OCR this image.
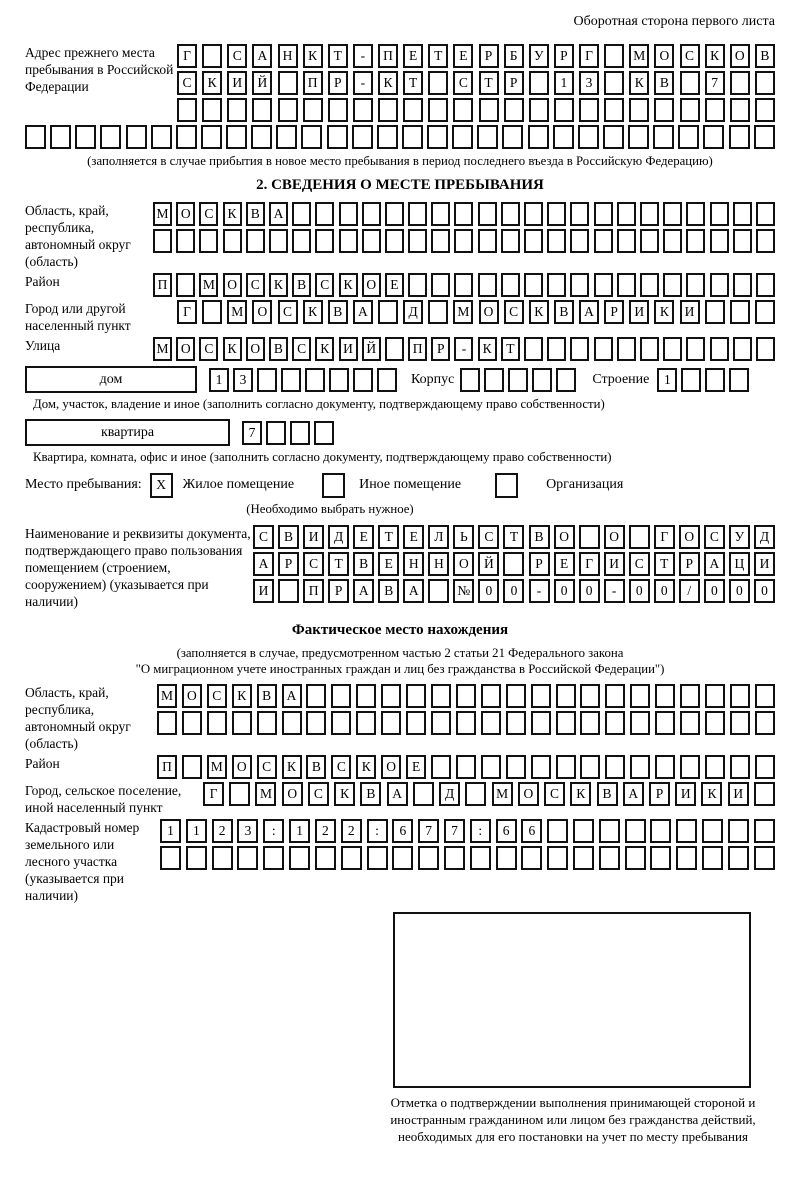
Оборотная сторона первого листа
Адрес прежнего места пребывания в Российской Федерации
Г	С	А	Н	К	Т	-	П	Е	Т	Е	Р	Б	У	Р	Г	М	О	С	К	О	В
С	К	И	Й	П	Р	-	К	Т	С	Т	Р	1	3	К	В	7
(заполняется в случае прибытия в новое место пребывания в период последнего въезда в Российскую Федерацию)
2. СВЕДЕНИЯ О МЕСТЕ ПРЕБЫВАНИЯ
Область, край, республика, автономный округ (область)
М О	С	К	В	А
Район	П	М О	С	К	В	С	К	О	Е
Город или другой населенный пункт
Г	М	О	С	К	В	А	Д	М	О	С	К	В	А	Р	И	К	И
Улица	М О	С	К	О	В	С	К	И Й	П	Р	-	К	Т
дом	1	3	Корпус	Строение	1
Дом, участок, владение и иное (заполнить согласно документу, подтверждающему право собственности)
квартира	7
Квартира, комната, офис и иное (заполнить согласно документу, подтверждающему право собственности)
Место пребывания:	X	Жилое помещение	Иное помещение	Организация
(Необходимо выбрать нужное)
Наименование и реквизиты документа, подтверждающего право пользования помещением (строением, сооружением) (указывается при наличии)
С	В	И	Д	Е	Т	Е	Л	Ь	С	Т	В	О	О	Г	О	С	У	Д
А	Р	С	Т	В	Е	Н	Н	О	Й	Р	Е	Г	И	С	Т	Р	А	Ц	И
И	П	Р	А	В	А	№	0	0	-	0	0	-	0	0	/	0	0	0
Фактическое место нахождения
(заполняется в случае, предусмотренном частью 2 статьи 21 Федерального закона
"О миграционном учете иностранных граждан и лиц без гражданства в Российской Федерации")
Область, край, республика, автономный округ (область)
М	О	С	К	В	А
Район	П	М	О	С	К	В	С	К	О	Е
Город, сельское поселение, иной населенный пункт
Г	М	О	С	К	В	А	Д	М	О	С	К	В	А	Р	И	К	И
Кадастровый номер земельного или лесного участка (указывается при наличии)
1	1	2	3	:	1	2	2	:	6	7	7	:	6	6
Отметка о подтверждении выполнения принимающей стороной и иностранным гражданином или лицом без гражданства действий, необходимых для его постановки на учет по месту пребывания
